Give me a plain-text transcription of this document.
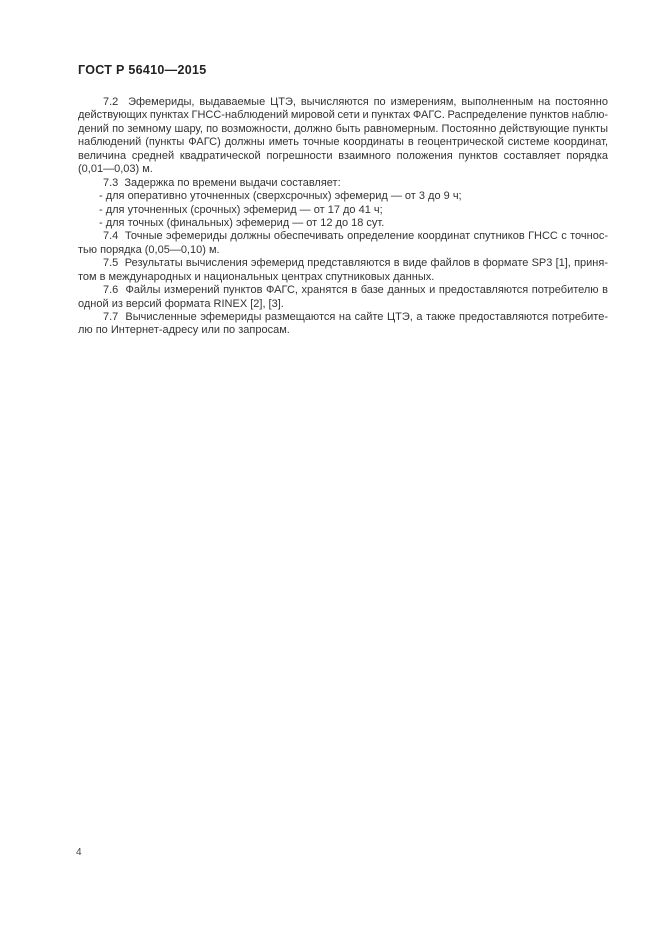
ГОСТ Р 56410—2015
7.2  Эфемериды, выдаваемые ЦТЭ, вычисляются по измерениям, выполненным на постоянно
действующих пунктах ГНСС-наблюдений мировой сети и пунктах ФАГС. Распределение пунктов наблю-
дений по земному шару, по возможности, должно быть равномерным. Постоянно действующие пункты
наблюдений (пункты ФАГС) должны иметь точные координаты в геоцентрической системе координат,
величина средней квадратической погрешности взаимного положения пунктов составляет порядка
(0,01—0,03) м.
7.3  Задержка по времени выдачи составляет:
- для оперативно уточненных (сверхсрочных) эфемерид — от 3 до 9 ч;
- для уточненных (срочных) эфемерид — от 17 до 41 ч;
- для точных (финальных) эфемерид — от 12 до 18 сут.
7.4  Точные эфемериды должны обеспечивать определение координат спутников ГНСС с точнос-
тью порядка (0,05—0,10) м.
7.5  Результаты вычисления эфемерид представляются в виде файлов в формате SP3 [1], приня-
том в международных и национальных центрах спутниковых данных.
7.6  Файлы измерений пунктов ФАГС, хранятся в базе данных и предоставляются потребителю в
одной из версий формата RINEX [2], [3].
7.7  Вычисленные эфемериды размещаются на сайте ЦТЭ, а также предоставляются потребите-
лю по Интернет-адресу или по запросам.
4
